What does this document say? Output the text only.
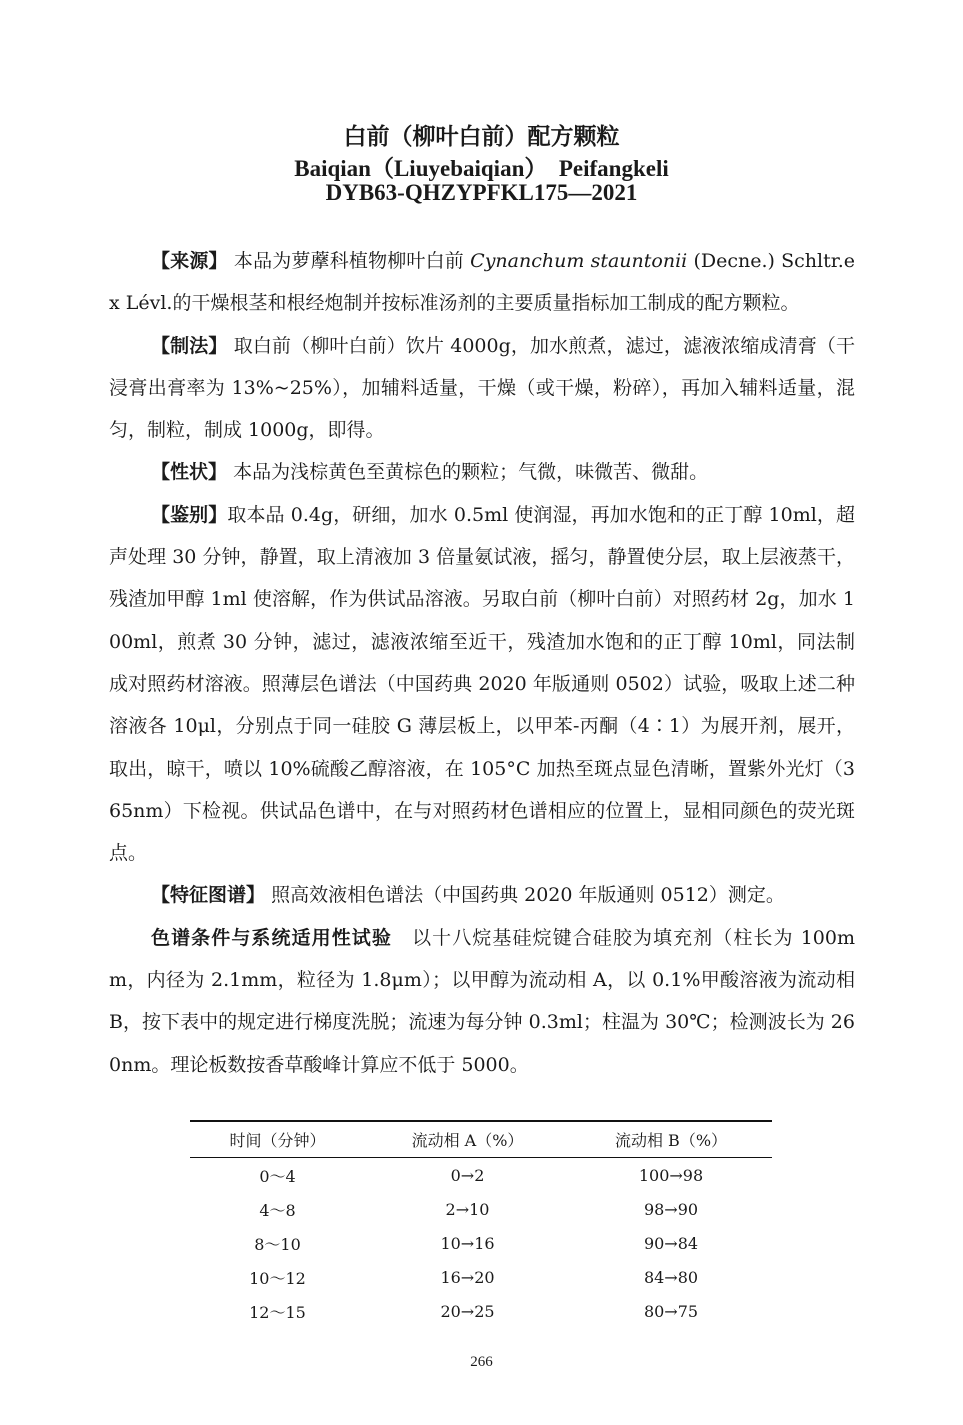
白前（柳叶白前）配方颗粒
Baiqian（Liuyebaiqian）　Peifangkeli
DYB63-QHZYPFKL175—2021

【来源】 本品为萝藦科植物柳叶白前 Cynanchum stauntonii (Decne.) Schltr.ex Lévl.的干燥根茎和根经炮制并按标准汤剂的主要质量指标加工制成的配方颗粒。

【制法】 取白前（柳叶白前）饮片 4000g，加水煎煮，滤过，滤液浓缩成清膏（干浸膏出膏率为 13%~25%），加辅料适量，干燥（或干燥，粉碎），再加入辅料适量，混匀，制粒，制成 1000g，即得。

【性状】 本品为浅棕黄色至黄棕色的颗粒；气微，味微苦、微甜。

【鉴别】取本品 0.4g，研细，加水 0.5ml 使润湿，再加水饱和的正丁醇 10ml，超声处理 30 分钟，静置，取上清液加 3 倍量氨试液，摇匀，静置使分层，取上层液蒸干，残渣加甲醇 1ml 使溶解，作为供试品溶液。另取白前（柳叶白前）对照药材 2g，加水 100ml，煎煮 30 分钟，滤过，滤液浓缩至近干，残渣加水饱和的正丁醇 10ml，同法制成对照药材溶液。照薄层色谱法（中国药典 2020 年版通则 0502）试验，吸取上述二种溶液各 10μl，分别点于同一硅胶 G 薄层板上，以甲苯-丙酮（4∶1）为展开剂，展开，取出，晾干，喷以 10%硫酸乙醇溶液，在 105°C 加热至斑点显色清晰，置紫外光灯（365nm）下检视。供试品色谱中，在与对照药材色谱相应的位置上，显相同颜色的荧光斑点。

【特征图谱】 照高效液相色谱法（中国药典 2020 年版通则 0512）测定。

色谱条件与系统适用性试验　 以十八烷基硅烷键合硅胶为填充剂（柱长为 100mm，内径为 2.1mm，粒径为 1.8μm）；以甲醇为流动相 A，以 0.1%甲酸溶液为流动相 B，按下表中的规定进行梯度洗脱；流速为每分钟 0.3ml；柱温为 30℃；检测波长为 260nm。理论板数按香草酸峰计算应不低于 5000。

时间（分钟）	流动相 A（%）	流动相 B（%）
0～4	0→2	100→98
4～8	2→10	98→90
8～10	10→16	90→84
10～12	16→20	84→80
12～15	20→25	80→75
266
